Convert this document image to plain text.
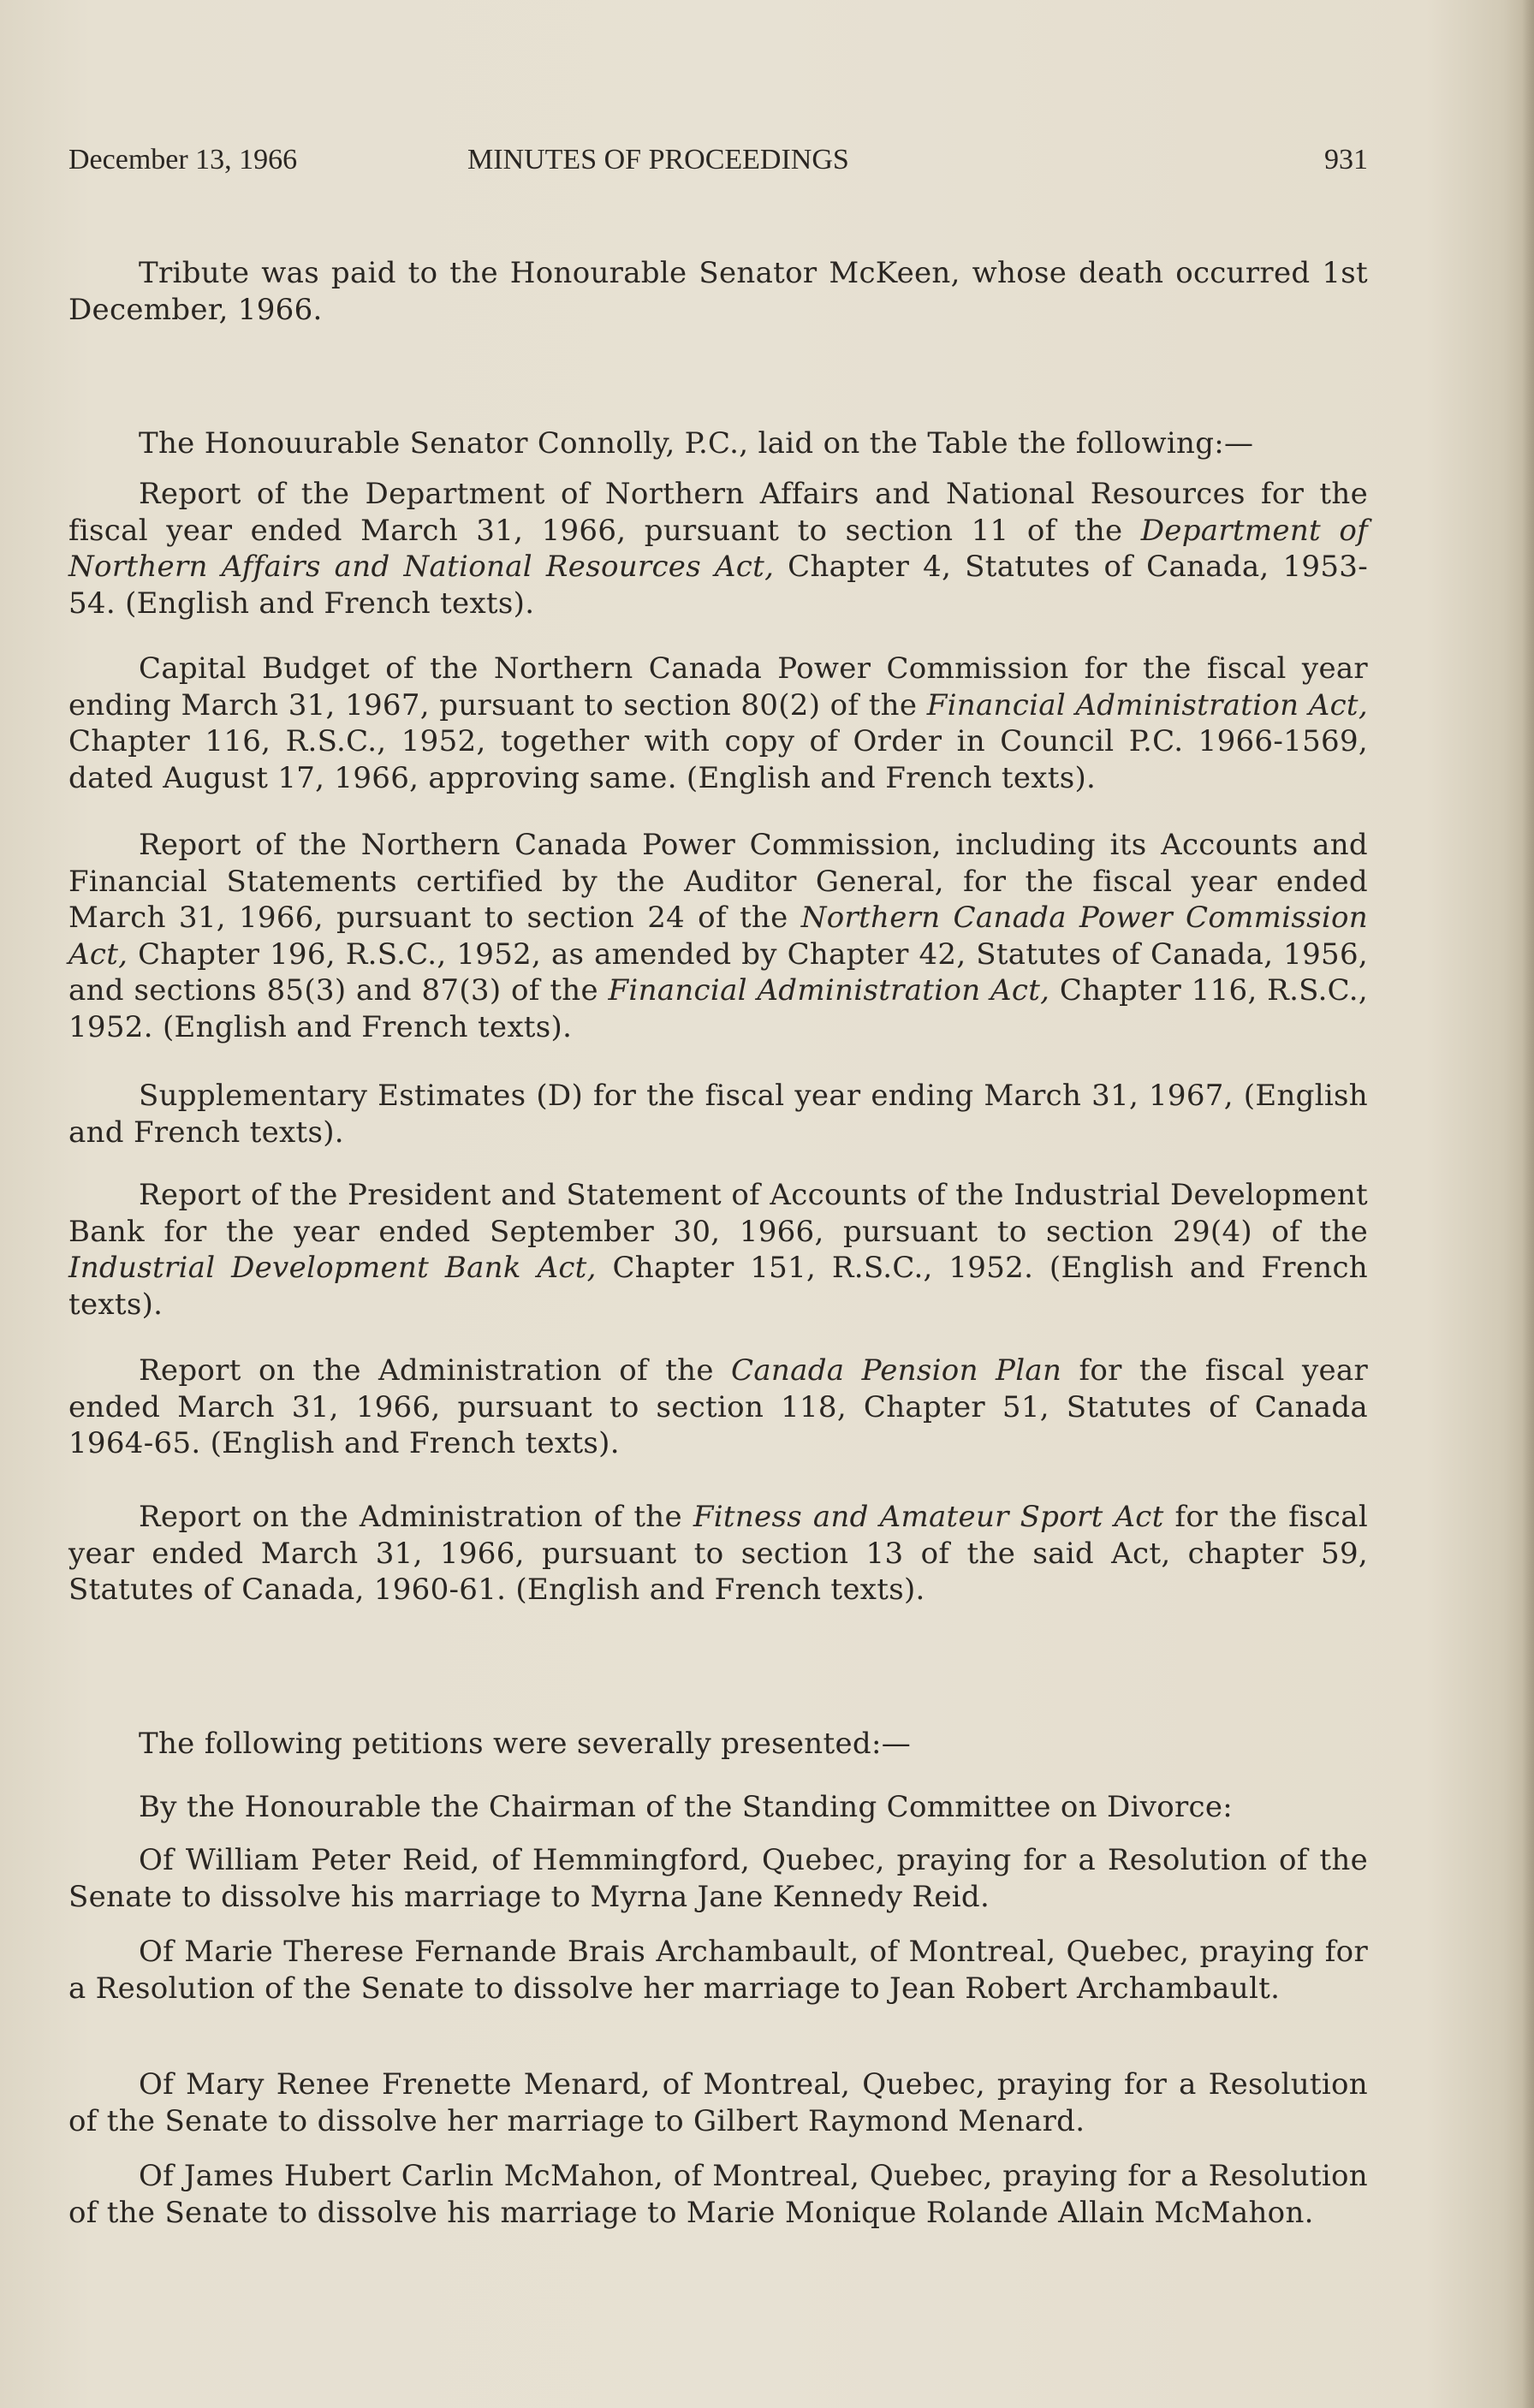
December 13, 1966	MINUTES OF PROCEEDINGS	931

Tribute was paid to the Honourable Senator McKeen, whose death occurred 1st December, 1966.

The Honouurable Senator Connolly, P.C., laid on the Table the following:—

Report of the Department of Northern Affairs and National Resources for the fiscal year ended March 31, 1966, pursuant to section 11 of the Department of Northern Affairs and National Resources Act, Chapter 4, Statutes of Canada, 1953-54. (English and French texts).

Capital Budget of the Northern Canada Power Commission for the fiscal year ending March 31, 1967, pursuant to section 80(2) of the Financial Administration Act, Chapter 116, R.S.C., 1952, together with copy of Order in Council P.C. 1966-1569, dated August 17, 1966, approving same. (English and French texts).

Report of the Northern Canada Power Commission, including its Accounts and Financial Statements certified by the Auditor General, for the fiscal year ended March 31, 1966, pursuant to section 24 of the Northern Canada Power Commission Act, Chapter 196, R.S.C., 1952, as amended by Chapter 42, Statutes of Canada, 1956, and sections 85(3) and 87(3) of the Financial Administration Act, Chapter 116, R.S.C., 1952. (English and French texts).

Supplementary Estimates (D) for the fiscal year ending March 31, 1967, (English and French texts).

Report of the President and Statement of Accounts of the Industrial Development Bank for the year ended September 30, 1966, pursuant to section 29(4) of the Industrial Development Bank Act, Chapter 151, R.S.C., 1952. (English and French texts).

Report on the Administration of the Canada Pension Plan for the fiscal year ended March 31, 1966, pursuant to section 118, Chapter 51, Statutes of Canada 1964-65. (English and French texts).

Report on the Administration of the Fitness and Amateur Sport Act for the fiscal year ended March 31, 1966, pursuant to section 13 of the said Act, chapter 59, Statutes of Canada, 1960-61. (English and French texts).

The following petitions were severally presented:—

By the Honourable the Chairman of the Standing Committee on Divorce:

Of William Peter Reid, of Hemmingford, Quebec, praying for a Resolution of the Senate to dissolve his marriage to Myrna Jane Kennedy Reid.

Of Marie Therese Fernande Brais Archambault, of Montreal, Quebec, praying for a Resolution of the Senate to dissolve her marriage to Jean Robert Archambault.

Of Mary Renee Frenette Menard, of Montreal, Quebec, praying for a Resolution of the Senate to dissolve her marriage to Gilbert Raymond Menard.

Of James Hubert Carlin McMahon, of Montreal, Quebec, praying for a Resolution of the Senate to dissolve his marriage to Marie Monique Rolande Allain McMahon.
